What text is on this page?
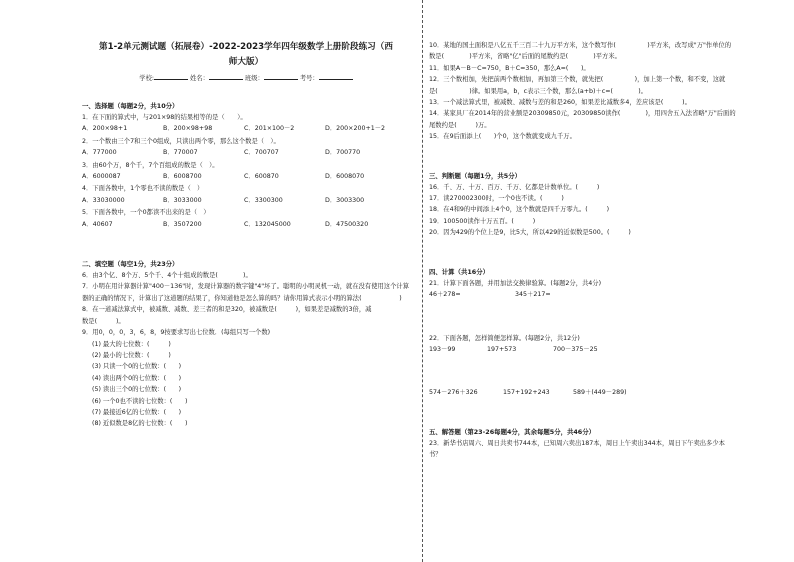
第1-2单元测试题（拓展卷）-2022-2023学年四年级数学上册阶段练习（西
师大版）

学校:	姓名：	班级：	考号：

一、选择题（每题2分，共10分）

1．在下面的算式中，与201×98的结果相等的是（　　）。

A．200×98+1	B．200×98+98	C．201×100－2	D．200×200+1－2

2．一个数由三个7和三个0组成，只读出两个零，那么这个数是（　）。

A．777000	B．770007	C．700707	D．700770

3．由60个万，8个千，7个百组成的数是（　）。

A．6000087	B．6008700	C．600870	D．6008070

4．下面各数中，1个零也不读的数是（　）

A．33030000	B．3033000	C．3300300	D．3003300

5．下面各数中，一个0都读不出来的是（　）

A．40607	B．3507200	C．132045000	D．47500320

二、填空题（每空1分，共23分）

6．由3个亿、8个万、5个千、4个十组成的数是(　　　　)。

7．小明在用计算器计算"400－136"时，发现计算器的数字键"4"坏了。聪明的小明灵机一动，就在没有使用这个计算

器的正确的情况下，计算出了这道题的结果了，你知道他是怎么算的吗？请你用算式表示小明的算法(　　　　　　)

8．在一道减法算式中，被减数、减数、差三者的和是320，被减数是(　　　)，如果差是减数的3倍，减

数是(　　　)。

9．用0，0，0，3，6，8，9按要求写出七位数．(每组只写一个数)

(1) 最大的七位数：(　　　)

(2) 最小的七位数：(　　　)

(3) 只读一个0的七位数：(　　)

(4) 读出两个0的七位数：(　　)

(5) 读出三个0的七位数：(　　)

(6) 一个0也不读的七位数：(　　)

(7) 最接近6亿的七位数：(　　)

(8) 近似数是8亿的七位数：(　　)

10．某地的国土面积是八亿五千三百二十九万平方米，这个数写作(　　　　　)平方米，改写成"万"作单位的

数是(　　　　)平方米，省略"亿"后面的尾数约是(　　　　)平方米。

11．如果A－B－C=750，B＋C=350，那么A=(　　)。

12．三个数相加，先把前两个数相加，再加第三个数，就先把(　　　　　)，加上第一个数，和不变，这就

是(　　　　　)律。如果用a，b，c表示三个数，那么(a+b)＋c=(　　　　)。

13．一个减法算式里，被减数、减数与差的和是260，如果差比减数多4，差应该是(　　　)。

14．某家具厂在2014年的营业额是20309850元，20309850读作(　　　　)，用四舍五入法省略"万"后面的

尾数约是(　　　)万。

15．在9后面添上(　　)个0，这个数就变成九千万。

三、判断题（每题1分，共5分）

16．千、万、十万、百万、千万、亿都是计数单位。(　　　)

17．读270002300时，一个0也不读。(　　　)

18．在4和9的中间添上4个0，这个数就是四千万零九。(　　　)

19．100500读作十万五百。(　　　)

20．因为429的个位上是9，比5大，所以429的近似数是500。(　　　)

四、计算（共16分）

21．计算下面各题，并用加法交换律验算。(每题2分，共4分)

46＋278=	345＋217=

22．下面各题，怎样简便怎样算。(每题2分，共12分)

193－99	197+573	700－375－25
574－276＋326	157+192+243	589＋(449－289)

五、解答题（第23-26每题4分，其余每题5分，共46分）

23．新华书店周六、周日共卖书744本，已知周六卖出187本，周日上午卖出344本，周日下午卖出多少本

书？
